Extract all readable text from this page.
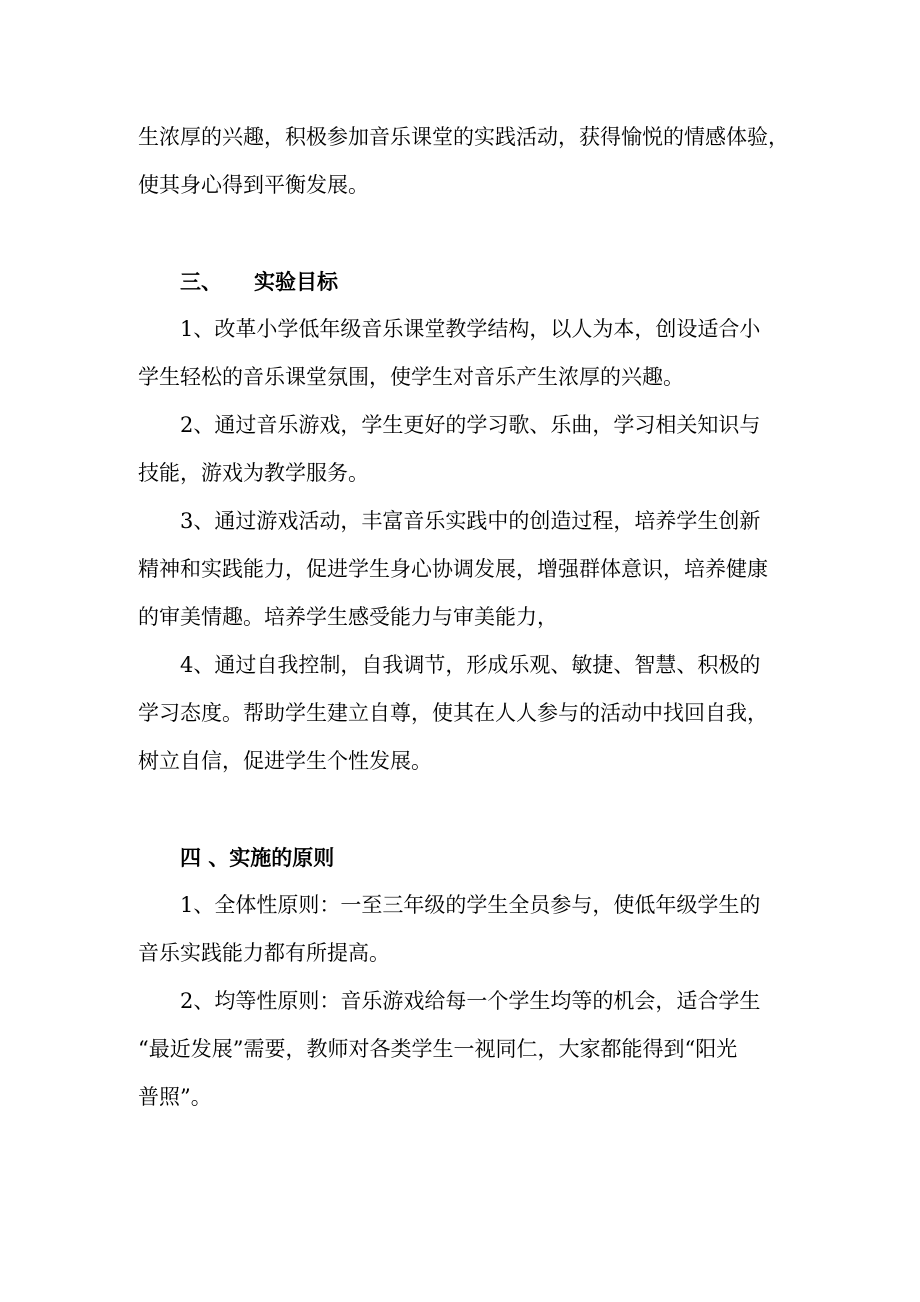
生浓厚的兴趣，积极参加音乐课堂的实践活动，获得愉悦的情感体验，
使其身心得到平衡发展。
三、 实验目标
1、改革小学低年级音乐课堂教学结构，以人为本，创设适合小
学生轻松的音乐课堂氛围，使学生对音乐产生浓厚的兴趣。
2、通过音乐游戏，学生更好的学习歌、乐曲，学习相关知识与
技能，游戏为教学服务。
3、通过游戏活动，丰富音乐实践中的创造过程，培养学生创新
精神和实践能力，促进学生身心协调发展，增强群体意识，培养健康
的审美情趣。培养学生感受能力与审美能力，
4、通过自我控制，自我调节，形成乐观、敏捷、智慧、积极的
学习态度。帮助学生建立自尊，使其在人人参与的活动中找回自我，
树立自信，促进学生个性发展。
四 、实施的原则
1、全体性原则：一至三年级的学生全员参与，使低年级学生的
音乐实践能力都有所提高。
2、均等性原则：音乐游戏给每一个学生均等的机会，适合学生
“最近发展”需要，教师对各类学生一视同仁，大家都能得到“阳光
普照”。
